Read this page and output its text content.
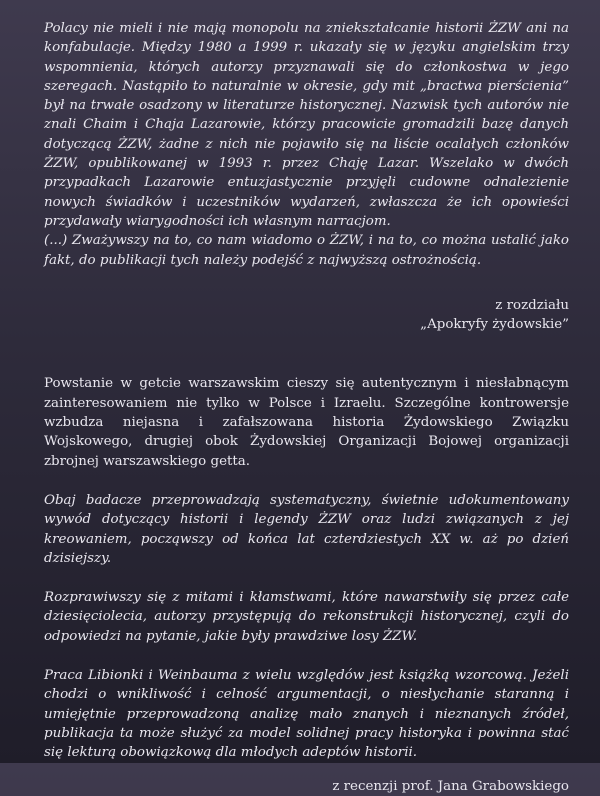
Polacy nie mieli i nie mają monopolu na zniekształcanie historii ŻZW ani na konfabulacje. Między 1980 a 1999 r. ukazały się w języku angielskim trzy wspomnienia, których autorzy przyznawali się do członkostwa w jego szeregach. Nastąpiło to naturalnie w okresie, gdy mit „bractwa pierścienia” był na trwałe osadzony w literaturze historycznej. Nazwisk tych autorów nie znali Chaim i Chaja Lazarowie, którzy pracowicie gromadzili bazę danych dotyczącą ŻZW, żadne z nich nie pojawiło się na liście ocalałych członków ŻZW, opublikowanej w 1993 r. przez Chaję Lazar. Wszelako w dwóch przypadkach Lazarowie entuzjastycznie przyjęli cudowne odnalezienie nowych świadków i uczestników wydarzeń, zwłaszcza że ich opowieści przydawały wiarygodności ich własnym narracjom.

(...) Zważywszy na to, co nam wiadomo o ŻZW, i na to, co można ustalić jako fakt, do publikacji tych należy podejść z najwyższą ostrożnością.

z rozdziału

„Apokryfy żydowskie”

Powstanie w getcie warszawskim cieszy się autentycznym i niesłabnącym zainteresowaniem nie tylko w Polsce i Izraelu. Szczególne kontrowersje wzbudza niejasna i zafałszowana historia Żydowskiego Związku Wojskowego, drugiej obok Żydowskiej Organizacji Bojowej organizacji zbrojnej warszawskiego getta.

Obaj badacze przeprowadzają systematyczny, świetnie udokumentowany wywód dotyczący historii i legendy ŻZW oraz ludzi związanych z jej kreowaniem, począwszy od końca lat czterdziestych XX w. aż po dzień dzisiejszy.

Rozprawiwszy się z mitami i kłamstwami, które nawarstwiły się przez całe dziesięciolecia, autorzy przystępują do rekonstrukcji historycznej, czyli do odpowiedzi na pytanie, jakie były prawdziwe losy ŻZW.

Praca Libionki i Weinbauma z wielu względów jest książką wzorcową. Jeżeli chodzi o wnikliwość i celność argumentacji, o niesłychanie staranną i umiejętnie przeprowadzoną analizę mało znanych i nieznanych źródeł, publikacja ta może służyć za model solidnej pracy historyka i powinna stać się lekturą obowiązkową dla młodych adeptów historii.

z recenzji prof. Jana Grabowskiego
